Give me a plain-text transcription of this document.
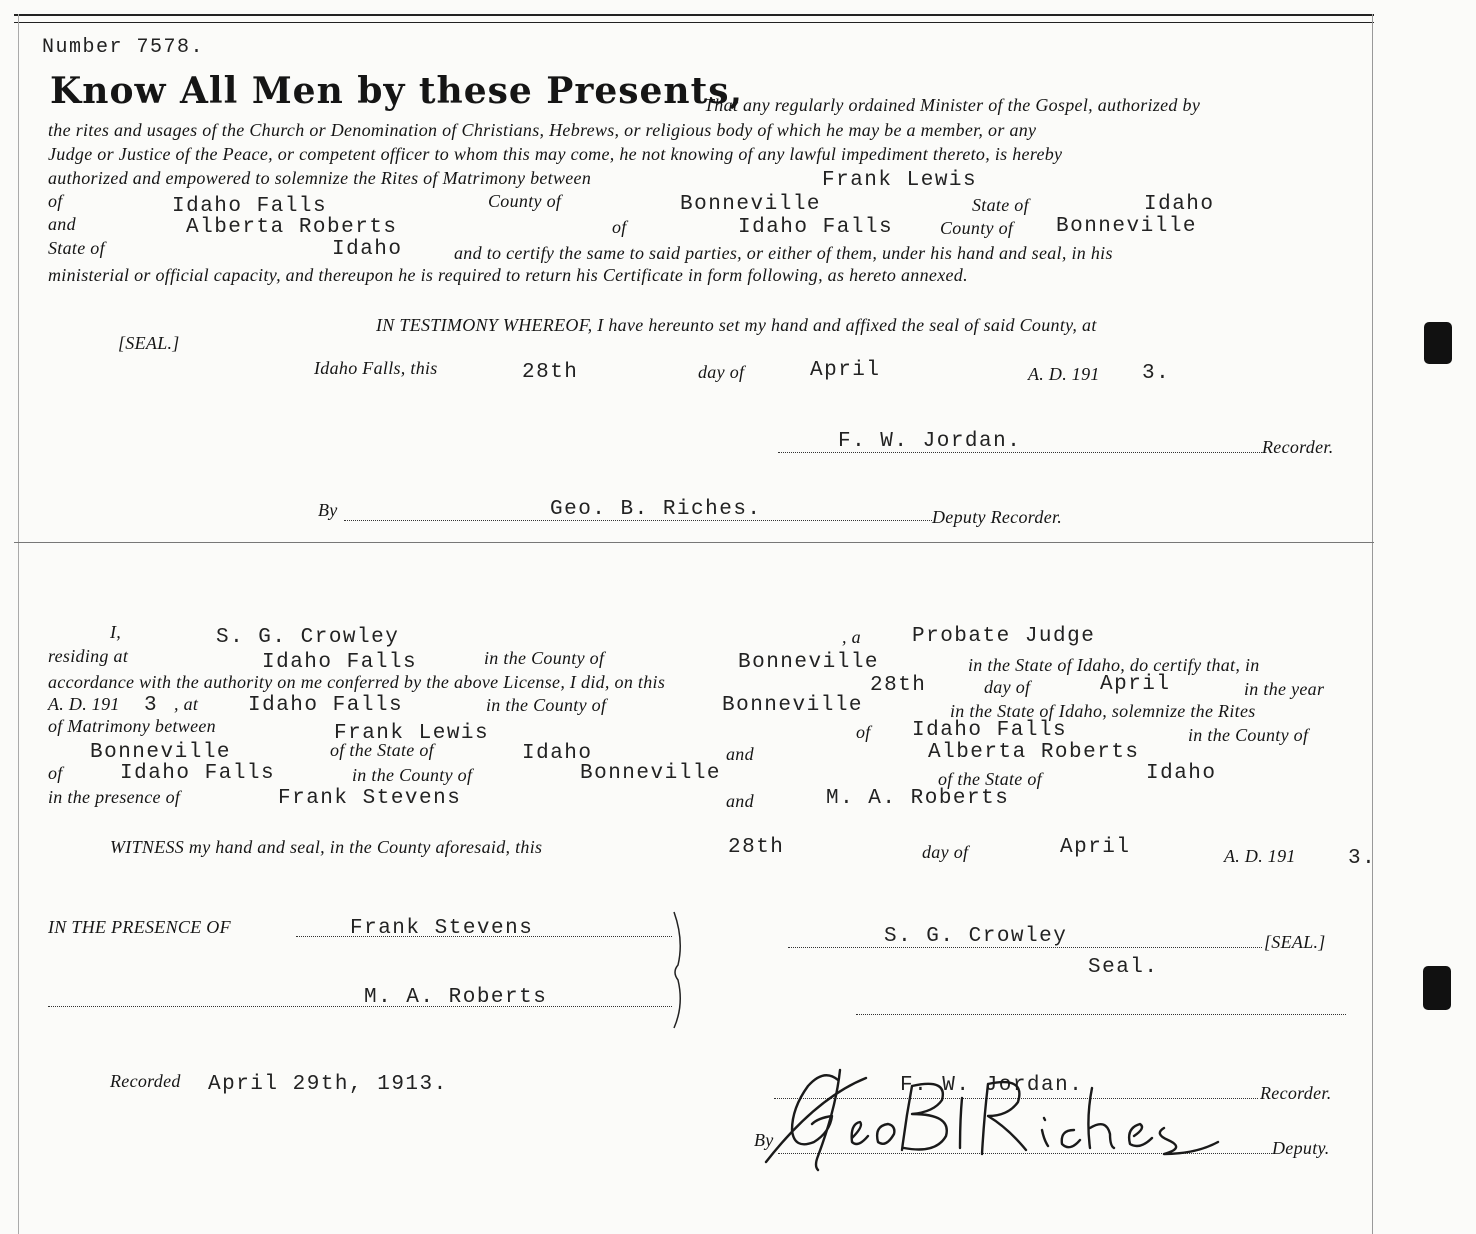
Number 7578.
Know All Men by these Presents,
That any regularly ordained Minister of the Gospel, authorized by
the rites and usages of the Church or Denomination of Christians, Hebrews, or religious body of which he may be a member, or any
Judge or Justice of the Peace, or competent officer to whom this may come, he not knowing of any lawful impediment thereto, is hereby
authorized and empowered to solemnize the Rites of Matrimony between	Frank Lewis
of	Idaho Falls	County of	Bonneville	State of	Idaho
and	Alberta Roberts	of	Idaho Falls	County of Bonneville
State of	Idaho	and to certify the same to said parties, or either of them, under his hand and seal, in his
ministerial or official capacity, and thereupon he is required to return his Certificate in form following, as hereto annexed.
IN TESTIMONY WHEREOF, I have hereunto set my hand and affixed the seal of said County, at
[SEAL.]
Idaho Falls, this	28th	day of	April	A. D. 191 3.
F. W. Jordan.	Recorder.
By	Geo. B. Riches.	Deputy Recorder.
I,	S. G. Crowley	, a Probate Judge
residing at	Idaho Falls	in the County of	Bonneville	in the State of Idaho, do certify that, in
accordance with the authority on me conferred by the above License, I did, on this	28th	day of	April	in the year
A. D. 191 3 , at Idaho Falls	in the County of	Bonneville	in the State of Idaho, solemnize the Rites
of Matrimony between	Frank Lewis	of Idaho Falls	in the County of
Bonneville	of the State of	Idaho	and	Alberta Roberts
of	Idaho Falls	in the County of	Bonneville	of the State of	Idaho
in the presence of	Frank Stevens	and	M. A. Roberts
WITNESS my hand and seal, in the County aforesaid, this	28th	day of	April	A. D. 191 3.
IN THE PRESENCE OF	Frank Stevens
M. A. Roberts
S. G. Crowley	[SEAL.]
Seal.
Recorded April 29th, 1913.	F. W. Jordan.	Recorder.
By	Deputy.
